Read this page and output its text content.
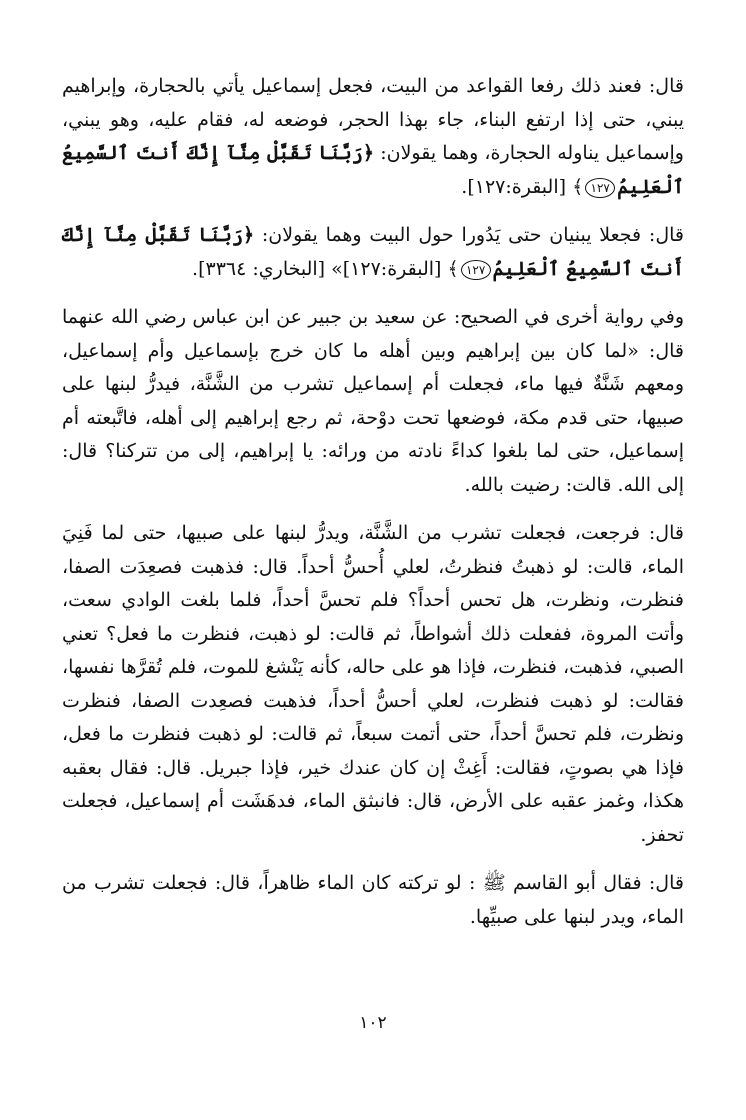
قال: فعند ذلك رفعا القواعد من البيت، فجعل إسماعيل يأتي بالحجارة، وإبراهيم يبني، حتى إذا ارتفع البناء، جاء بهذا الحجر، فوضعه له، فقام عليه، وهو يبني، وإسماعيل يناوله الحجارة، وهما يقولان: ﴿رَبَّنَا تَقَبَّلْ مِنَّآ إِنَّكَ أَنتَ ٱلسَّمِيعُ ٱلْعَلِيمُ١٢٧﴾ [البقرة:١٢٧].

قال: فجعلا يبنيان حتى يَدُورا حول البيت وهما يقولان: ﴿رَبَّنَا تَقَبَّلْ مِنَّآ إِنَّكَ أَنتَ ٱلسَّمِيعُ ٱلْعَلِيمُ١٢٧﴾ [البقرة:١٢٧]» [البخاري: ٣٣٦٤].

وفي رواية أخرى في الصحيح: عن سعيد بن جبير عن ابن عباس رضي الله عنهما قال: «لما كان بين إبراهيم وبين أهله ما كان خرج بإسماعيل وأم إسماعيل، ومعهم شَنَّةٌ فيها ماء، فجعلت أم إسماعيل تشرب من الشَّنَّة، فيدرُّ لبنها على صبيها، حتى قدم مكة، فوضعها تحت دوْحة، ثم رجع إبراهيم إلى أهله، فاتَّبعته أم إسماعيل، حتى لما بلغوا كداءً نادته من ورائه: يا إبراهيم، إلى من تتركنا؟ قال: إلى الله. قالت: رضيت بالله.

قال: فرجعت، فجعلت تشرب من الشَّنَّة، ويدرُّ لبنها على صبيها، حتى لما فَنِيَ الماء، قالت: لو ذهبتُ فنظرتُ، لعلي أُحسُّ أحداً. قال: فذهبت فصعِدَت الصفا، فنظرت، ونظرت، هل تحس أحداً؟ فلم تحسَّ أحداً، فلما بلغت الوادي سعت، وأتت المروة، ففعلت ذلك أشواطاً، ثم قالت: لو ذهبت، فنظرت ما فعل؟ تعني الصبي، فذهبت، فنظرت، فإذا هو على حاله، كأنه يَنْشغ للموت، فلم تُقرَّها نفسها، فقالت: لو ذهبت فنظرت، لعلي أحسُّ أحداً، فذهبت فصعِدت الصفا، فنظرت ونظرت، فلم تحسَّ أحداً، حتى أتمت سبعاً، ثم قالت: لو ذهبت فنظرت ما فعل، فإذا هي بصوتٍ، فقالت: أَغِثْ إن كان عندك خير، فإذا جبريل. قال: فقال بعقبه هكذا، وغمز عقبه على الأرض، قال: فانبثق الماء، فدهَشَت أم إسماعيل، فجعلت تحفز.

قال: فقال أبو القاسم ﷺ : لو تركته كان الماء ظاهراً، قال: فجعلت تشرب من الماء، ويدر لبنها على صبيِّها.

١٠٢
